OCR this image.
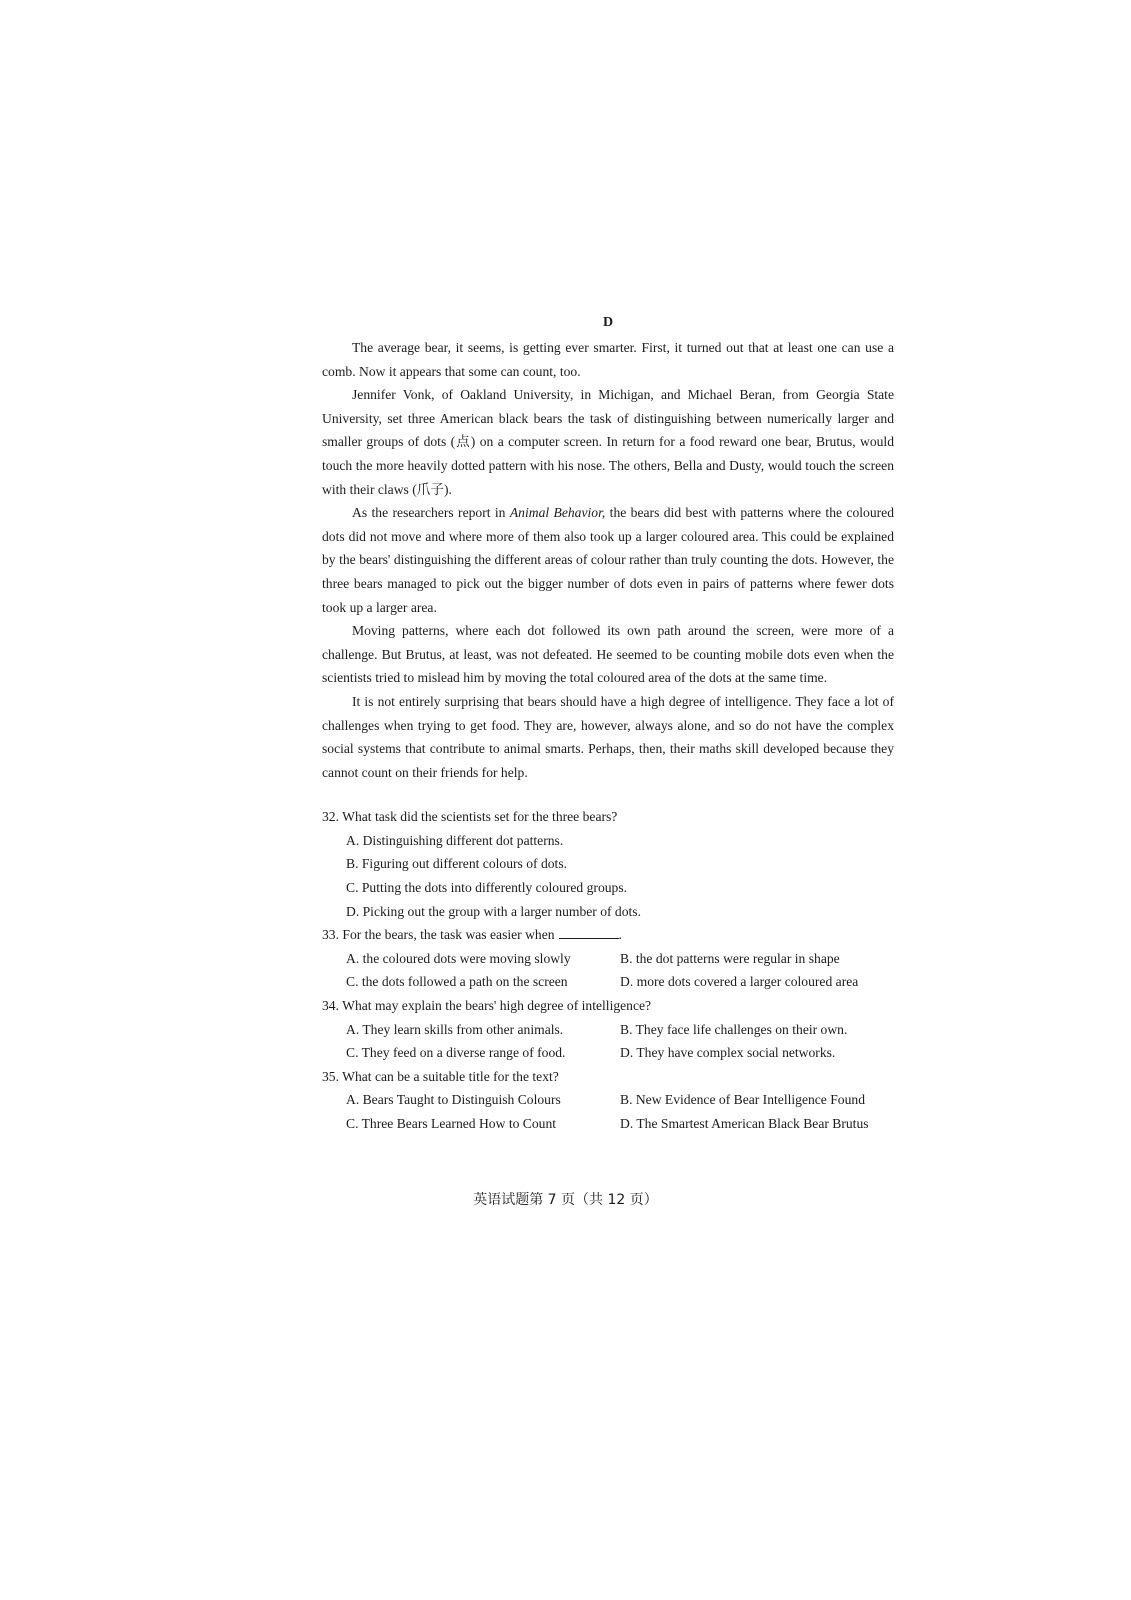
D

The average bear, it seems, is getting ever smarter. First, it turned out that at least one can use a comb. Now it appears that some can count, too.

Jennifer Vonk, of Oakland University, in Michigan, and Michael Beran, from Georgia State University, set three American black bears the task of distinguishing between numerically larger and smaller groups of dots (点) on a computer screen. In return for a food reward one bear, Brutus, would touch the more heavily dotted pattern with his nose. The others, Bella and Dusty, would touch the screen with their claws (爪子).

As the researchers report in Animal Behavior, the bears did best with patterns where the coloured dots did not move and where more of them also took up a larger coloured area. This could be explained by the bears' distinguishing the different areas of colour rather than truly counting the dots. However, the three bears managed to pick out the bigger number of dots even in pairs of patterns where fewer dots took up a larger area.

Moving patterns, where each dot followed its own path around the screen, were more of a challenge. But Brutus, at least, was not defeated. He seemed to be counting mobile dots even when the scientists tried to mislead him by moving the total coloured area of the dots at the same time.

It is not entirely surprising that bears should have a high degree of intelligence. They face a lot of challenges when trying to get food. They are, however, always alone, and so do not have the complex social systems that contribute to animal smarts. Perhaps, then, their maths skill developed because they cannot count on their friends for help.

32. What task did the scientists set for the three bears?

A. Distinguishing different dot patterns.

B. Figuring out different colours of dots.

C. Putting the dots into differently coloured groups.

D. Picking out the group with a larger number of dots.

33. For the bears, the task was easier when	.

A. the coloured dots were moving slowly	B. the dot patterns were regular in shape
C. the dots followed a path on the screen	D. more dots covered a larger coloured area

34. What may explain the bears' high degree of intelligence?

A. They learn skills from other animals.	B. They face life challenges on their own.
C. They feed on a diverse range of food.	D. They have complex social networks.

35. What can be a suitable title for the text?

A. Bears Taught to Distinguish Colours	B. New Evidence of Bear Intelligence Found
C. Three Bears Learned How to Count	D. The Smartest American Black Bear Brutus
英语试题第 7 页（共 12 页）
